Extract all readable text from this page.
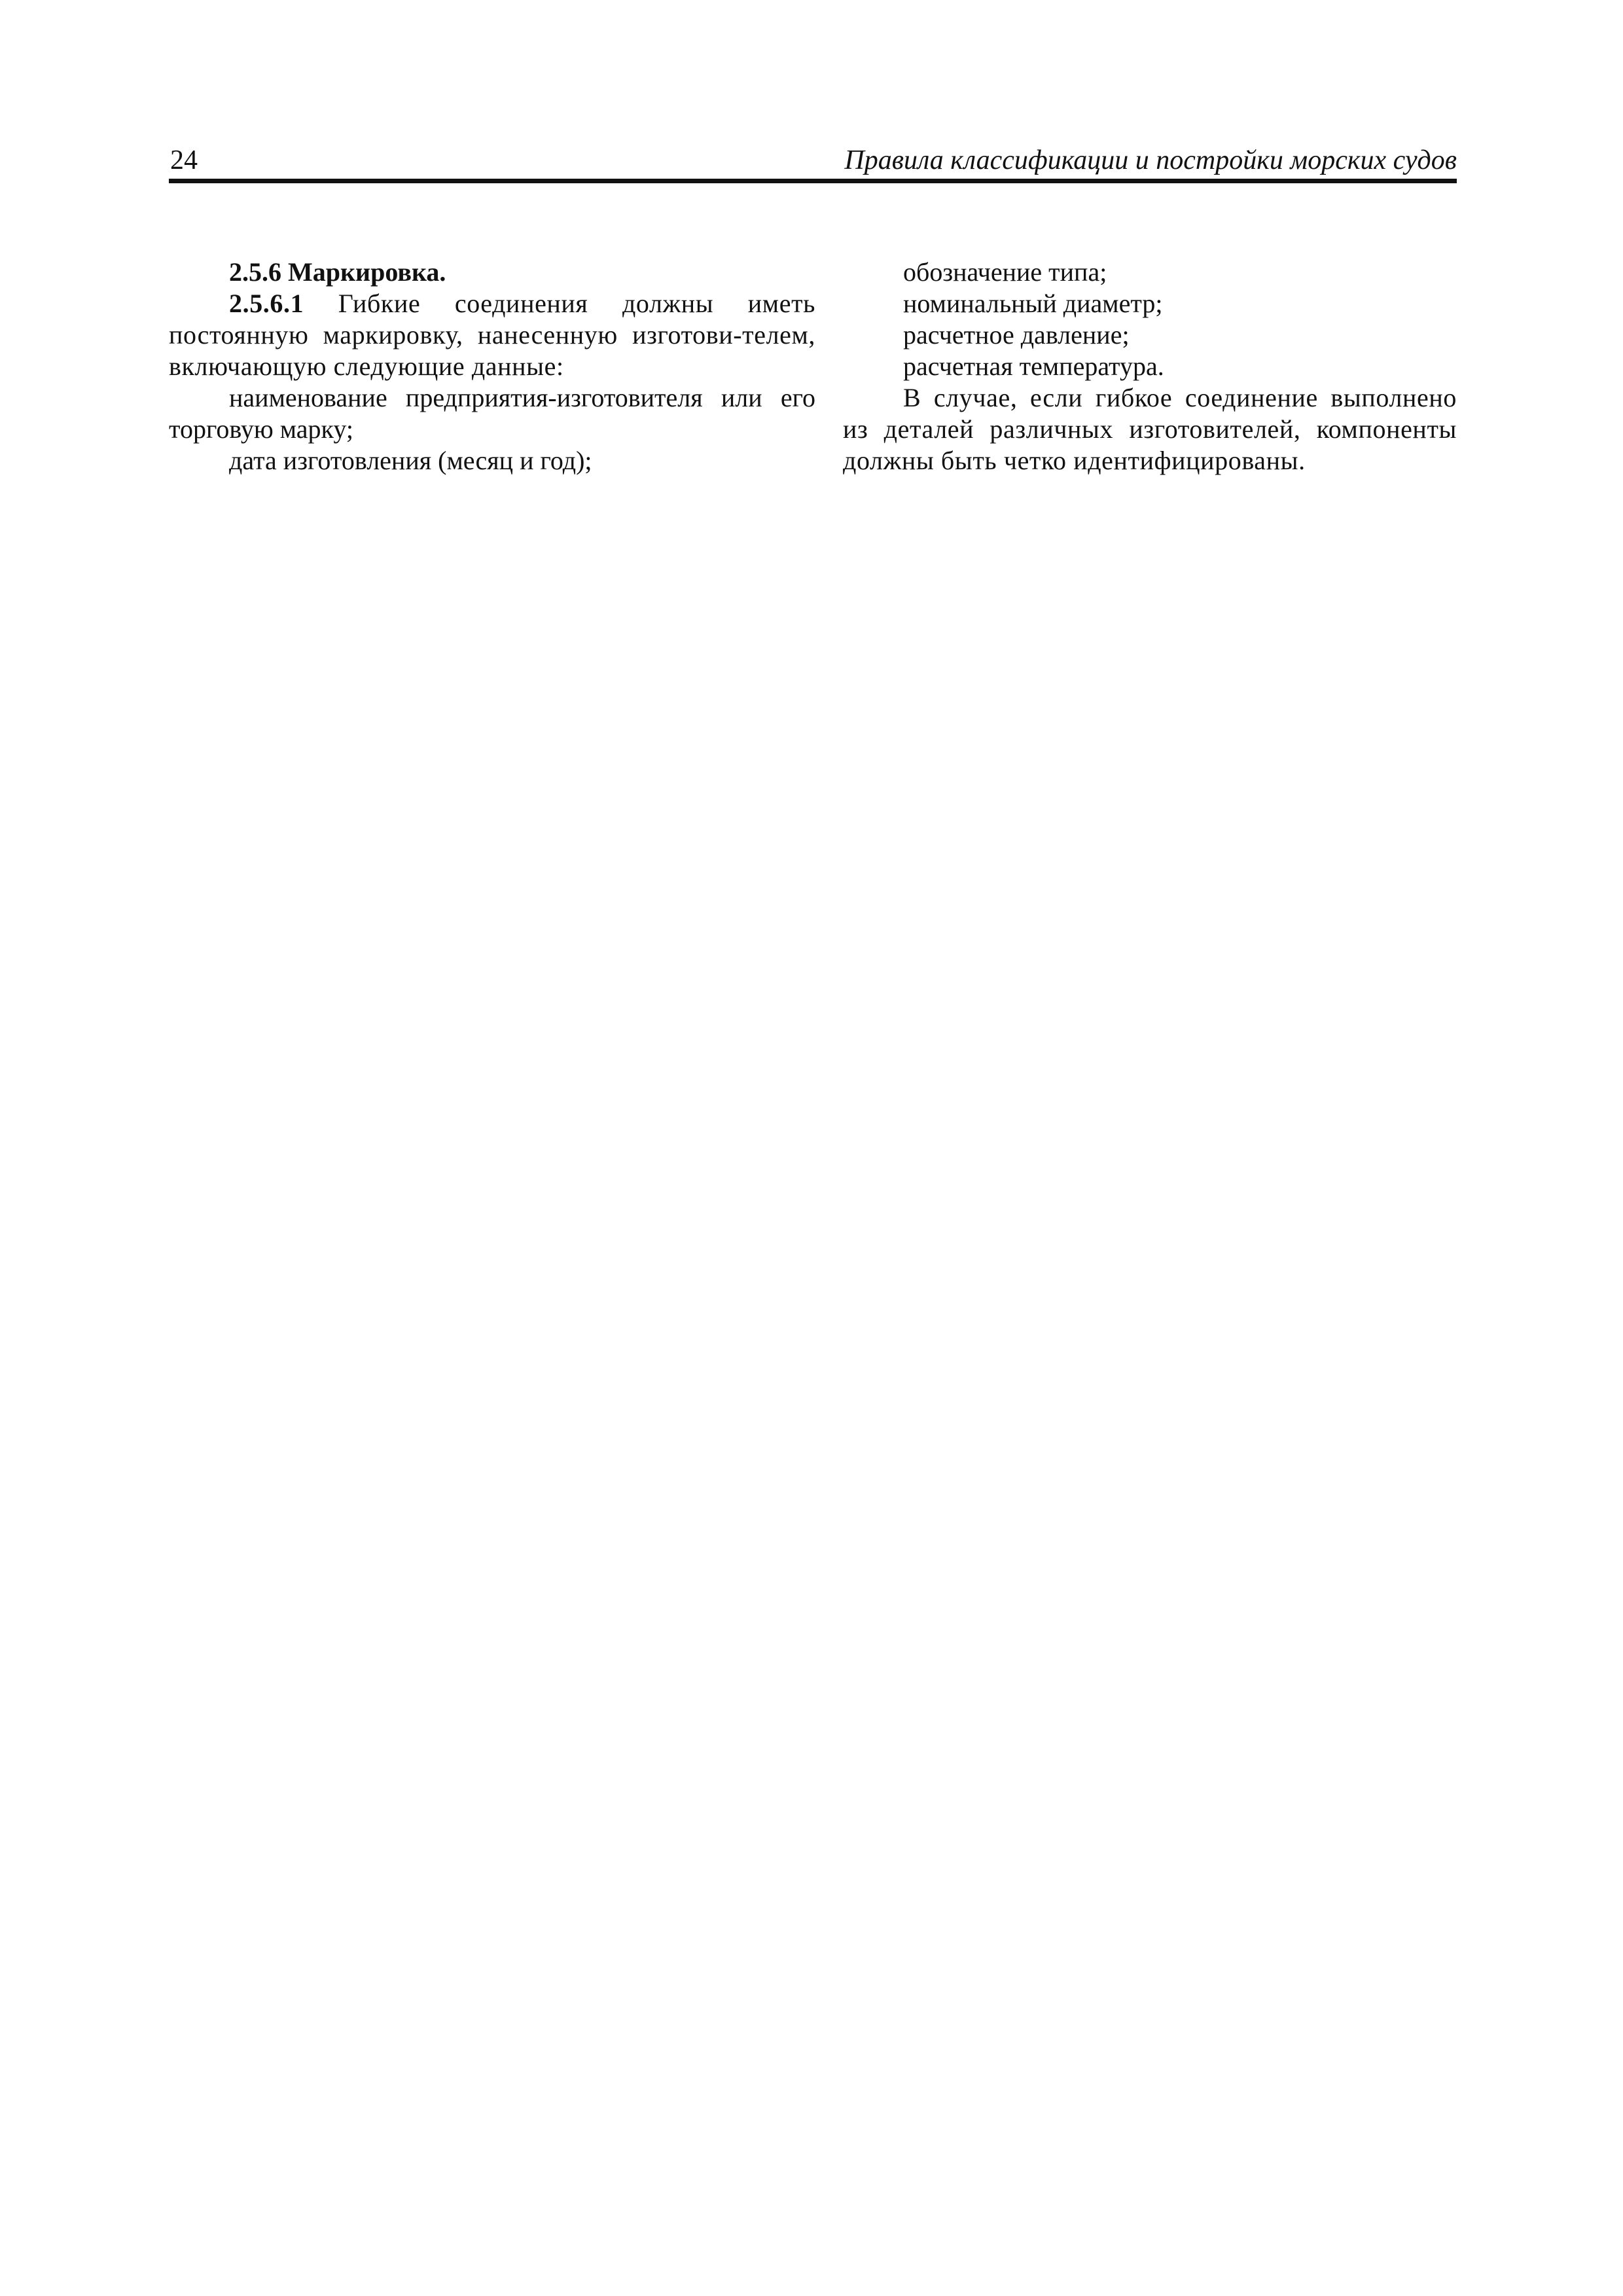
24	Правила классификации и постройки морских судов

2.5.6 Маркировка.

2.5.6.1 Гибкие соединения должны иметь постоянную маркировку, нанесенную изготови-телем, включающую следующие данные:

наименование предприятия-изготовителя или его торговую марку;

дата изготовления (месяц и год);

обозначение типа;

номинальный диаметр;

расчетное давление;

расчетная температура.

В случае, если гибкое соединение выполнено из деталей различных изготовителей, компоненты должны быть четко идентифицированы.
